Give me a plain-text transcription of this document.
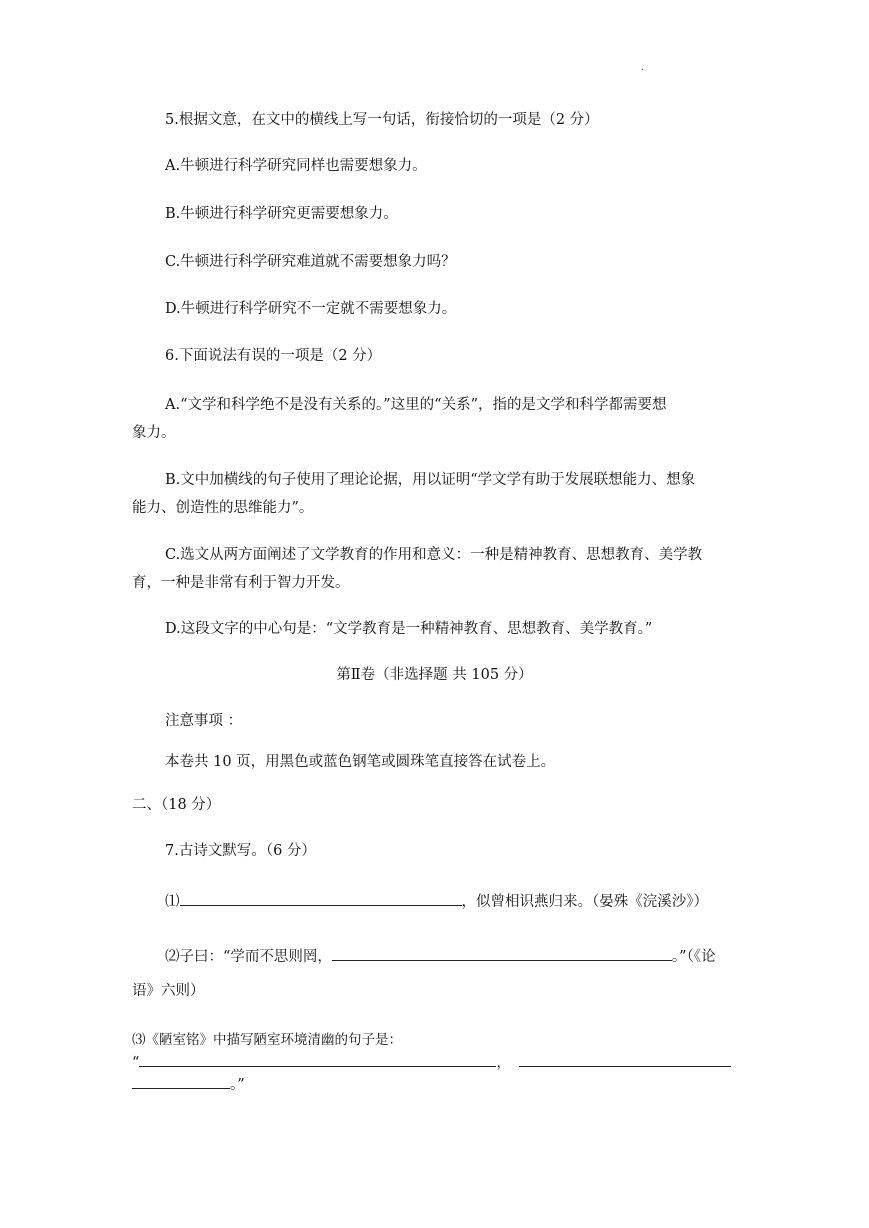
.
5.根据文意，在文中的横线上写一句话，衔接恰切的一项是（2 分）
A.牛顿进行科学研究同样也需要想象力。
B.牛顿进行科学研究更需要想象力。
C.牛顿进行科学研究难道就不需要想象力吗？
D.牛顿进行科学研究不一定就不需要想象力。
6.下面说法有误的一项是（2 分）
A.“文学和科学绝不是没有关系的。”这里的“关系”，指的是文学和科学都需要想
象力。
B.文中加横线的句子使用了理论论据，用以证明“学文学有助于发展联想能力、想象
能力、创造性的思维能力”。
C.选文从两方面阐述了文学教育的作用和意义：一种是精神教育、思想教育、美学教
育，一种是非常有利于智力开发。
D.这段文字的中心句是：“文学教育是一种精神教育、思想教育、美学教育。”
第Ⅱ卷（非选择题 共 105 分）
注意事项 ：
本卷共 10 页，用黑色或蓝色钢笔或圆珠笔直接答在试卷上。
二、（18 分）
7.古诗文默写。（6 分）
⑴	，似曾相识燕归来。（晏殊《浣溪沙》）
⑵子曰：“学而不思则罔，	。”（《论
语》六则）
⑶《陋室铭》中描写陋室环境清幽的句子是：
“	，
。”
